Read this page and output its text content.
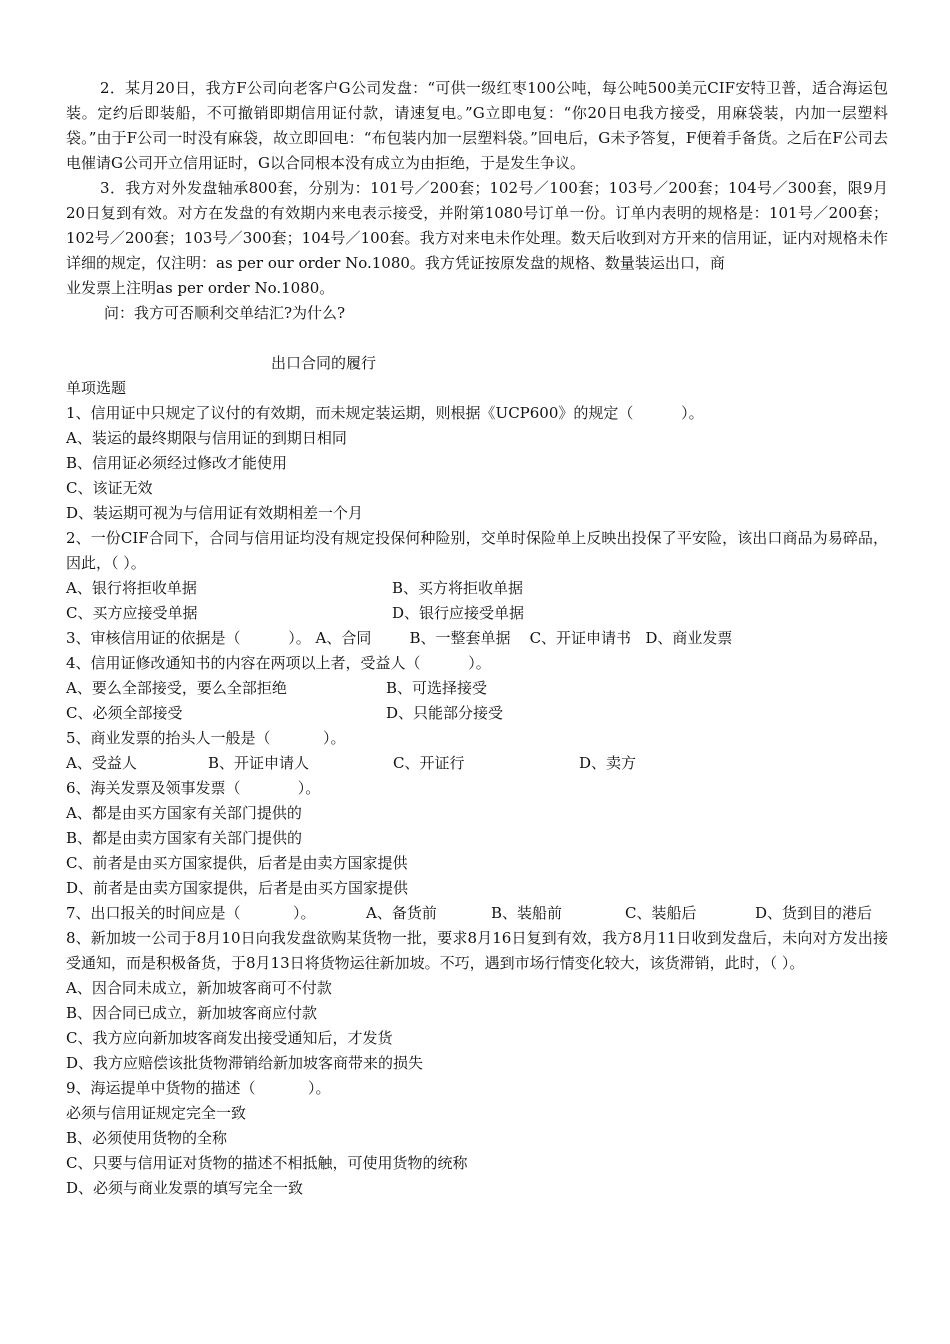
2．某月20日，我方F公司向老客户G公司发盘：“可供一级红枣100公吨，每公吨500美元CIF安特卫普，适合海运包装。定约后即装船，不可撤销即期信用证付款，请速复电。”G立即电复：“你20日电我方接受，用麻袋装，内加一层塑料袋。”由于F公司一时没有麻袋，故立即回电：“布包装内加一层塑料袋。”回电后，G未予答复，F便着手备货。之后在F公司去电催请G公司开立信用证时，G以合同根本没有成立为由拒绝，于是发生争议。

3．我方对外发盘轴承800套，分别为：101号／200套；102号／100套；103号／200套；104号／300套，限9月20日复到有效。对方在发盘的有效期内来电表示接受，并附第1080号订单一份。订单内表明的规格是：101号／200套；102号／200套；103号／300套；104号／100套。我方对来电未作处理。数天后收到对方开来的信用证，证内对规格未作详细的规定，仅注明：as per our order No.1080。我方凭证按原发盘的规格、数量装运出口，商

业发票上注明as per order No.1080。

问：我方可否顺利交单结汇?为什么?

出口合同的履行

单项选题

1、信用证中只规定了议付的有效期，而未规定装运期，则根据《UCP600》的规定（          ）。

A、装运的最终期限与信用证的到期日相同

B、信用证必须经过修改才能使用

C、该证无效

D、装运期可视为与信用证有效期相差一个月

2、一份CIF合同下，合同与信用证均没有规定投保何种险别，交单时保险单上反映出投保了平安险，该出口商品为易碎品，因此，（ ）。

A、银行将拒收单据	B、买方将拒收单据
C、买方应接受单据	D、银行应接受单据

3、审核信用证的依据是（          ）。 A、合同        B、一整套单据    C、开证申请书   D、商业发票

4、信用证修改通知书的内容在两项以上者，受益人（          ）。

A、要么全部接受，要么全部拒绝	B、可选择接受
C、必须全部接受	D、只能部分接受

5、商业发票的抬头人一般是（           ）。

A、受益人	B、开证申请人	C、开证行	D、卖方

6、海关发票及领事发票（            ）。

A、都是由买方国家有关部门提供的

B、都是由卖方国家有关部门提供的

C、前者是由买方国家提供，后者是由卖方国家提供

D、前者是由卖方国家提供，后者是由买方国家提供

7、出口报关的时间应是（           ）。	A、备货前	B、装船前	C、装船后	D、货到目的港后

8、新加坡一公司于8月10日向我发盘欲购某货物一批，要求8月16日复到有效，我方8月11日收到发盘后，未向对方发出接受通知，而是积极备货，于8月13日将货物运往新加坡。不巧，遇到市场行情变化较大，该货滞销，此时，（ ）。

A、因合同未成立，新加坡客商可不付款

B、因合同已成立，新加坡客商应付款

C、我方应向新加坡客商发出接受通知后，才发货

D、我方应赔偿该批货物滞销给新加坡客商带来的损失

9、海运提单中货物的描述（           ）。

必须与信用证规定完全一致

B、必须使用货物的全称

C、只要与信用证对货物的描述不相抵触，可使用货物的统称

D、必须与商业发票的填写完全一致
